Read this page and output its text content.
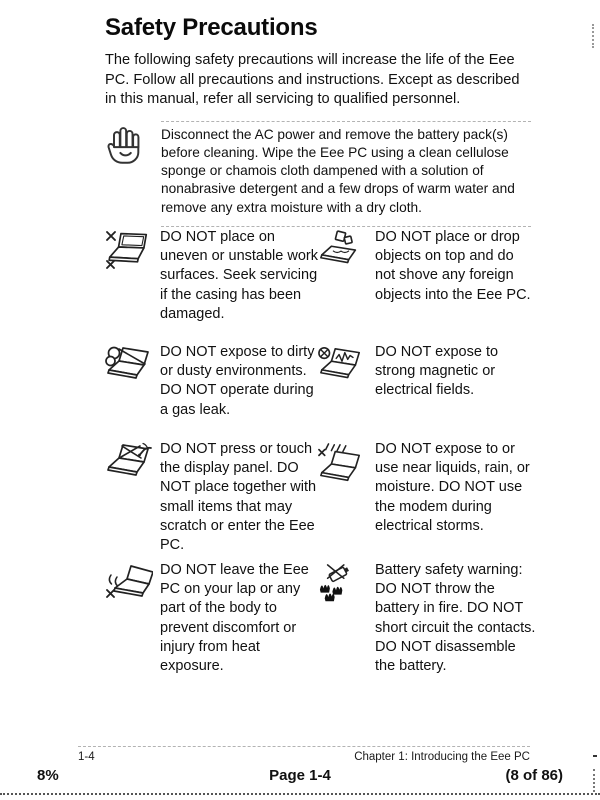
Safety Precautions
The following safety precautions will increase the life of the Eee PC. Follow all precautions and instructions. Except as described in this manual, refer all servicing to qualified personnel.
Disconnect the AC power and remove the battery pack(s) before cleaning. Wipe the Eee PC using a clean cellulose sponge or chamois cloth dampened with a solution of nonabrasive detergent and a few drops of warm water and remove any extra moisture with a dry cloth.
DO NOT place on uneven or unstable work surfaces. Seek servicing if the casing has been damaged.
DO NOT place or drop objects on top and do not shove any foreign objects into the Eee PC.
DO NOT expose to dirty or dusty environments. DO NOT operate during a gas leak.
DO NOT expose to strong magnetic or electrical fields.
DO NOT press or touch the display panel. DO NOT place together with small items that may scratch or enter the Eee PC.
DO NOT expose to or use near liquids, rain, or moisture. DO NOT use the modem during electrical storms.
DO NOT leave the Eee PC on your lap or any part of the body to prevent discomfort or injury from heat exposure.
Battery safety warning: DO NOT throw the battery in fire. DO NOT short circuit the contacts. DO NOT disassemble the battery.
1-4	Chapter 1: Introducing the Eee PC
8%	Page 1-4	(8 of 86)
